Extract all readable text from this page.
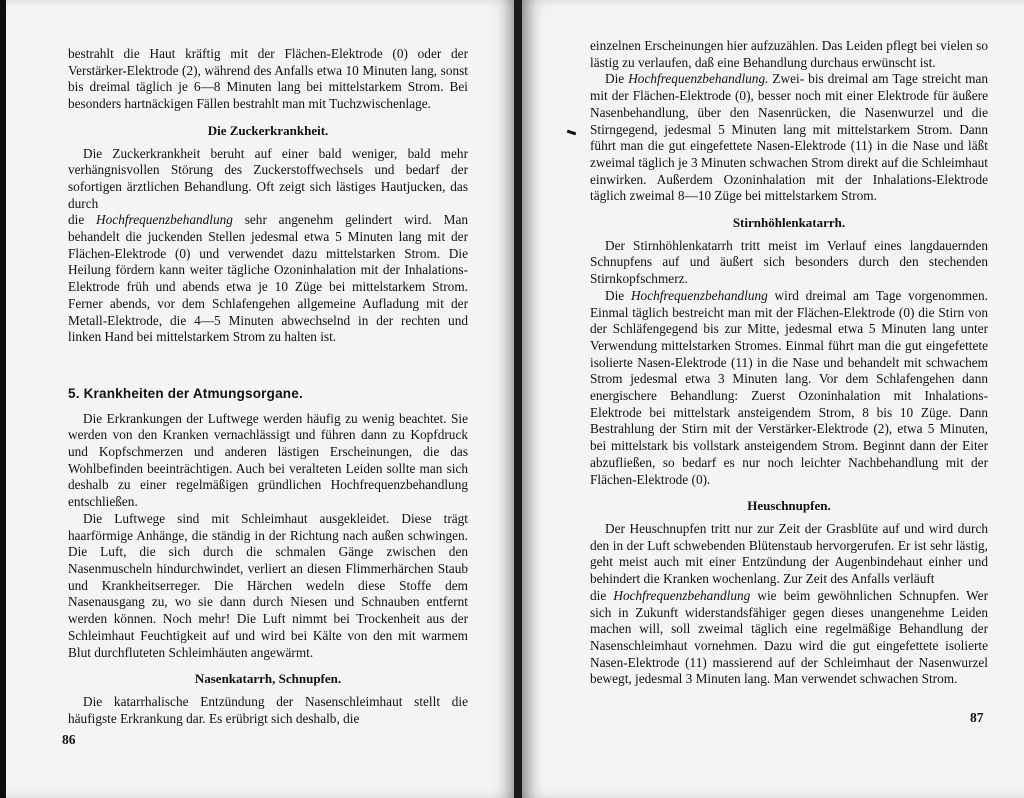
bestrahlt die Haut kräftig mit der Flächen-Elektrode (0) oder der Verstärker-Elektrode (2), während des Anfalls etwa 10 Minuten lang, sonst bis dreimal täglich je 6—8 Minuten lang bei mittelstarkem Strom. Bei besonders hartnäckigen Fällen bestrahlt man mit Tuchzwischenlage.

Die Zuckerkrankheit.

Die Zuckerkrankheit beruht auf einer bald weniger, bald mehr verhängnisvollen Störung des Zuckerstoffwechsels und bedarf der sofortigen ärztlichen Behandlung. Oft zeigt sich lästiges Hautjucken, das durch

die Hochfrequenzbehandlung sehr angenehm gelindert wird. Man behandelt die juckenden Stellen jedesmal etwa 5 Minuten lang mit der Flächen-Elektrode (0) und verwendet dazu mittelstarken Strom. Die Heilung fördern kann weiter tägliche Ozoninhalation mit der Inhalations-Elektrode früh und abends etwa je 10 Züge bei mittelstarkem Strom. Ferner abends, vor dem Schlafengehen allgemeine Aufladung mit der Metall-Elektrode, die 4—5 Minuten abwechselnd in der rechten und linken Hand bei mittelstarkem Strom zu halten ist.

5. Krankheiten der Atmungsorgane.

Die Erkrankungen der Luftwege werden häufig zu wenig beachtet. Sie werden von den Kranken vernachlässigt und führen dann zu Kopfdruck und Kopfschmerzen und anderen lästigen Erscheinungen, die das Wohlbefinden beeinträchtigen. Auch bei veralteten Leiden sollte man sich deshalb zu einer regelmäßigen gründlichen Hochfrequenzbehandlung entschließen.

Die Luftwege sind mit Schleimhaut ausgekleidet. Diese trägt haarförmige Anhänge, die ständig in der Richtung nach außen schwingen. Die Luft, die sich durch die schmalen Gänge zwischen den Nasenmuscheln hindurchwindet, verliert an diesen Flimmerhärchen Staub und Krankheitserreger. Die Härchen wedeln diese Stoffe dem Nasenausgang zu, wo sie dann durch Niesen und Schnauben entfernt werden können. Noch mehr! Die Luft nimmt bei Trockenheit aus der Schleimhaut Feuchtigkeit auf und wird bei Kälte von den mit warmem Blut durchfluteten Schleimhäuten angewärmt.

Nasenkatarrh, Schnupfen.

Die katarrhalische Entzündung der Nasenschleimhaut stellt die häufigste Erkrankung dar. Es erübrigt sich deshalb, die

86

einzelnen Erscheinungen hier aufzuzählen. Das Leiden pflegt bei vielen so lästig zu verlaufen, daß eine Behandlung durchaus erwünscht ist.

Die Hochfrequenzbehandlung. Zwei- bis dreimal am Tage streicht man mit der Flächen-Elektrode (0), besser noch mit einer Elektrode für äußere Nasenbehandlung, über den Nasenrücken, die Nasenwurzel und die Stirngegend, jedesmal 5 Minuten lang mit mittelstarkem Strom. Dann führt man die gut eingefettete Nasen-Elektrode (11) in die Nase und läßt zweimal täglich je 3 Minuten schwachen Strom direkt auf die Schleimhaut einwirken. Außerdem Ozoninhalation mit der Inhalations-Elektrode täglich zweimal 8—10 Züge bei mittelstarkem Strom.

Stirnhöhlenkatarrh.

Der Stirnhöhlenkatarrh tritt meist im Verlauf eines langdauernden Schnupfens auf und äußert sich besonders durch den stechenden Stirnkopfschmerz.

Die Hochfrequenzbehandlung wird dreimal am Tage vorgenommen. Einmal täglich bestreicht man mit der Flächen-Elektrode (0) die Stirn von der Schläfengegend bis zur Mitte, jedesmal etwa 5 Minuten lang unter Verwendung mittelstarken Stromes. Einmal führt man die gut eingefettete isolierte Nasen-Elektrode (11) in die Nase und behandelt mit schwachem Strom jedesmal etwa 3 Minuten lang. Vor dem Schlafengehen dann energischere Behandlung: Zuerst Ozoninhalation mit Inhalations-Elektrode bei mittelstark ansteigendem Strom, 8 bis 10 Züge. Dann Bestrahlung der Stirn mit der Verstärker-Elektrode (2), etwa 5 Minuten, bei mittelstark bis vollstark ansteigendem Strom. Beginnt dann der Eiter abzufließen, so bedarf es nur noch leichter Nachbehandlung mit der Flächen-Elektrode (0).

Heuschnupfen.

Der Heuschnupfen tritt nur zur Zeit der Grasblüte auf und wird durch den in der Luft schwebenden Blütenstaub hervorgerufen. Er ist sehr lästig, geht meist auch mit einer Entzündung der Augenbindehaut einher und behindert die Kranken wochenlang. Zur Zeit des Anfalls verläuft

die Hochfrequenzbehandlung wie beim gewöhnlichen Schnupfen. Wer sich in Zukunft widerstandsfähiger gegen dieses unangenehme Leiden machen will, soll zweimal täglich eine regelmäßige Behandlung der Nasenschleimhaut vornehmen. Dazu wird die gut eingefettete isolierte Nasen-Elektrode (11) massierend auf der Schleimhaut der Nasenwurzel bewegt, jedesmal 3 Minuten lang. Man verwendet schwachen Strom.

87
